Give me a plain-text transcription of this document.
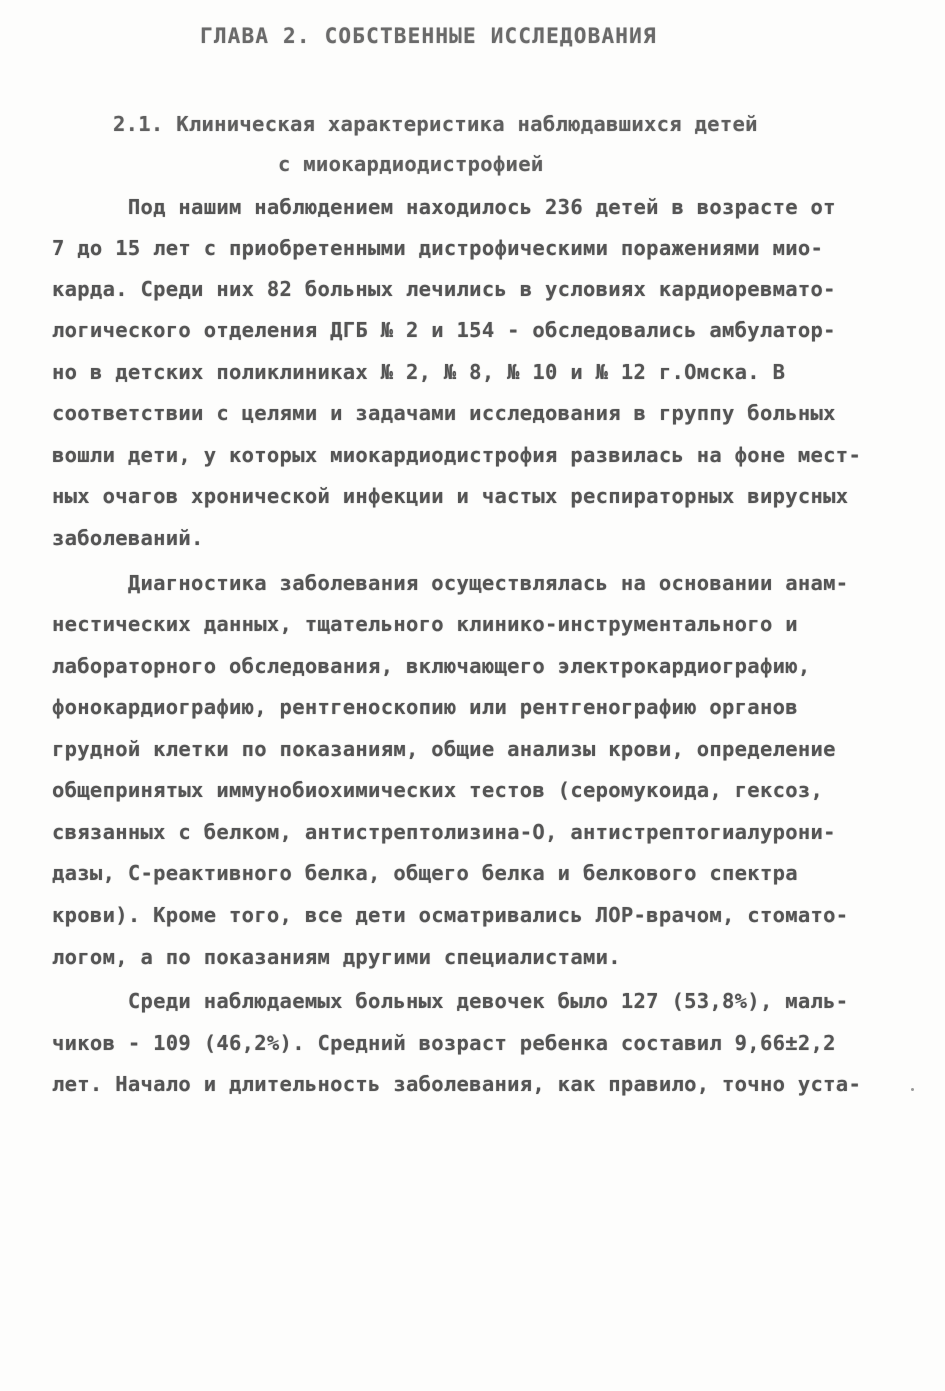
ГЛАВА 2. СОБСТВЕННЫЕ ИССЛЕДОВАНИЯ
2.1. Клиническая характеристика наблюдавшихся детей
с миокардиодистрофией
Под нашим наблюдением находилось 236 детей в возрасте от
7 до 15 лет с приобретенными дистрофическими поражениями мио-
карда. Среди них 82 больных лечились в условиях кардиоревмато-
логического отделения ДГБ № 2 и 154 - обследовались амбулатор-
но в детских поликлиниках № 2, № 8, № 10 и № 12 г.Омска. В
соответствии с целями и задачами исследования в группу больных
вошли дети, у которых миокардиодистрофия развилась на фоне мест-
ных очагов хронической инфекции и частых респираторных вирусных
заболеваний.
Диагностика заболевания осуществлялась на основании анам-
нестических данных, тщательного клинико-инструментального и
лабораторного обследования, включающего электрокардиографию,
фонокардиографию, рентгеноскопию или рентгенографию органов
грудной клетки по показаниям, общие анализы крови, определение
общепринятых иммунобиохимических тестов (серомукоида, гексоз,
связанных с белком, антистрептолизина-О, антистрептогиалурони-
дазы, С-реактивного белка, общего белка и белкового спектра
крови). Кроме того, все дети осматривались ЛОР-врачом, стомато-
логом, а по показаниям другими специалистами.
Среди наблюдаемых больных девочек было 127 (53,8%), маль-
чиков - 109 (46,2%). Средний возраст ребенка составил 9,66±2,2
лет. Начало и длительность заболевания, как правило, точно уста-
